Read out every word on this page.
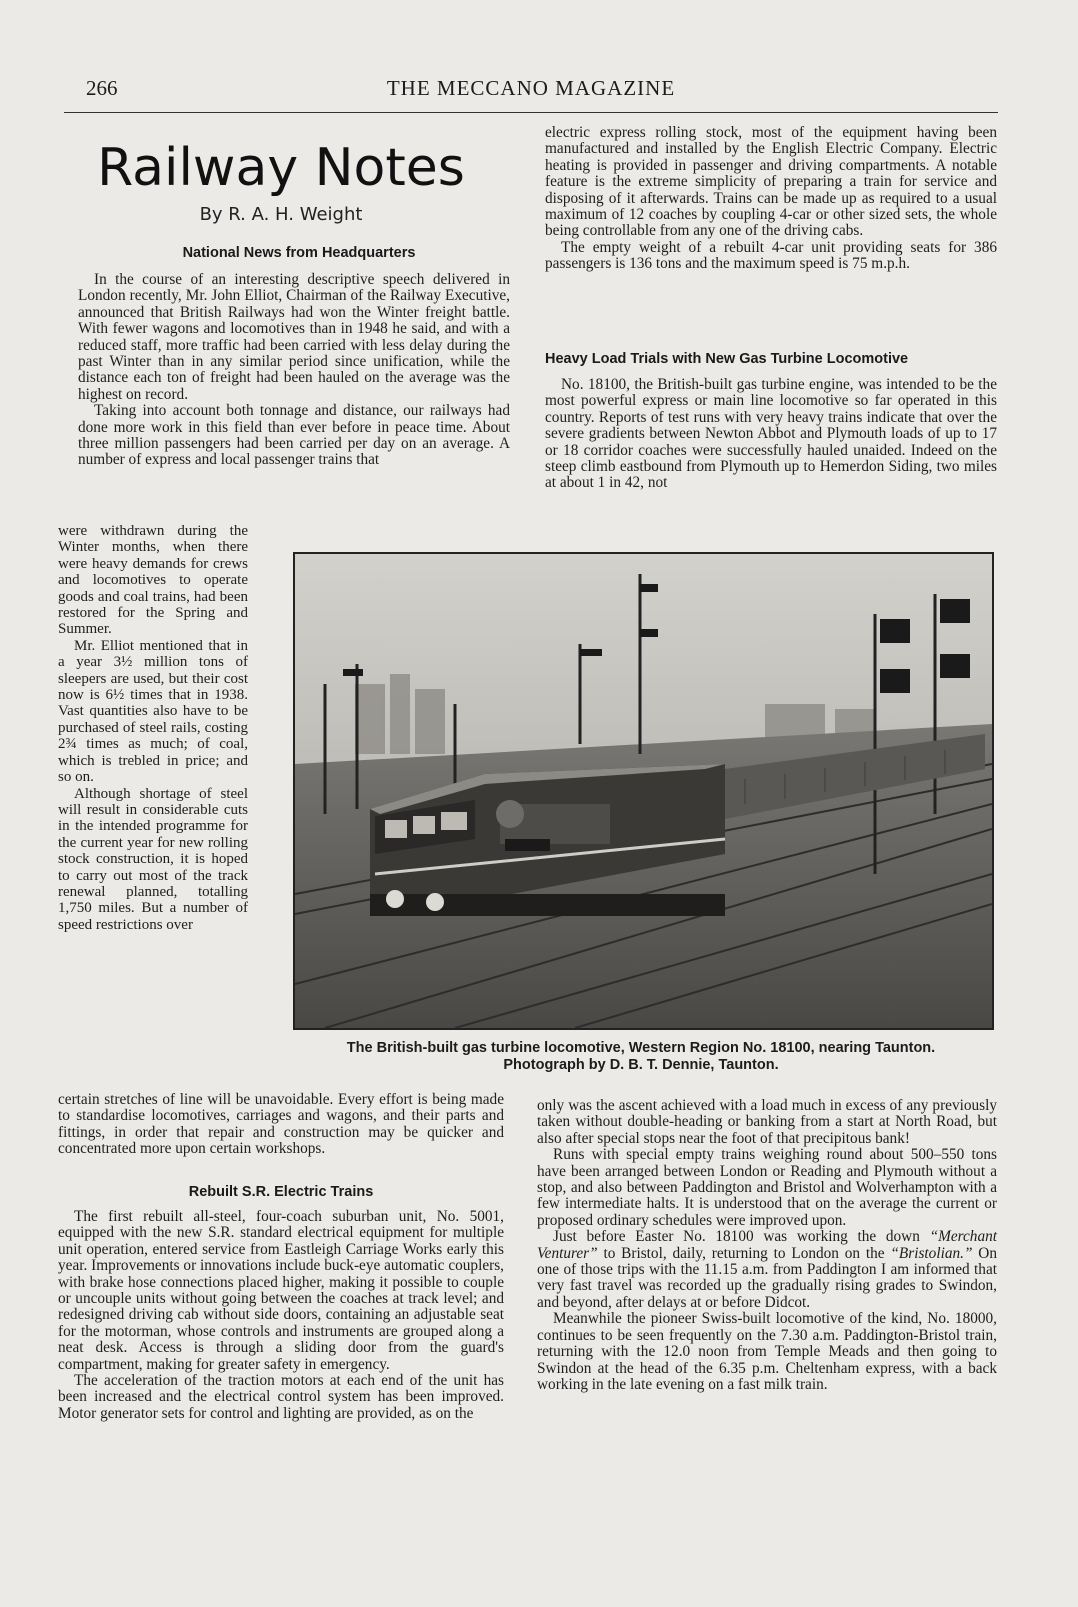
266	THE MECCANO MAGAZINE
Railway Notes
By R. A. H. Weight
National News from Headquarters

In the course of an interesting descriptive speech delivered in London recently, Mr. John Elliot, Chairman of the Railway Executive, announced that British Railways had won the Winter freight battle. With fewer wagons and locomotives than in 1948 he said, and with a reduced staff, more traffic had been carried with less delay during the past Winter than in any similar period since unification, while the distance each ton of freight had been hauled on the average was the highest on record.

Taking into account both tonnage and distance, our railways had done more work in this field than ever before in peace time. About three million passengers had been carried per day on an average. A number of express and local passenger trains that

were withdrawn during the Winter months, when there were heavy demands for crews and locomotives to operate goods and coal trains, had been restored for the Spring and Summer.

Mr. Elliot mentioned that in a year 3½ million tons of sleepers are used, but their cost now is 6½ times that in 1938. Vast quantities also have to be purchased of steel rails, costing 2¾ times as much; of coal, which is trebled in price; and so on.

Although shortage of steel will result in considerable cuts in the intended programme for the current year for new rolling stock construction, it is hoped to carry out most of the track renewal planned, totalling 1,750 miles. But a number of speed restrictions over

certain stretches of line will be unavoidable. Every effort is being made to standardise locomotives, carriages and wagons, and their parts and fittings, in order that repair and construction may be quicker and concentrated more upon certain workshops.

Rebuilt S.R. Electric Trains

The first rebuilt all-steel, four-coach suburban unit, No. 5001, equipped with the new S.R. standard electrical equipment for multiple unit operation, entered service from Eastleigh Carriage Works early this year. Improvements or innovations include buck-eye automatic couplers, with brake hose connections placed higher, making it possible to couple or uncouple units without going between the coaches at track level; and redesigned driving cab without side doors, containing an adjustable seat for the motorman, whose controls and instruments are grouped along a neat desk. Access is through a sliding door from the guard's compartment, making for greater safety in emergency.

The acceleration of the traction motors at each end of the unit has been increased and the electrical control system has been improved. Motor generator sets for control and lighting are provided, as on the

electric express rolling stock, most of the equipment having been manufactured and installed by the English Electric Company. Electric heating is provided in passenger and driving compartments. A notable feature is the extreme simplicity of preparing a train for service and disposing of it afterwards. Trains can be made up as required to a usual maximum of 12 coaches by coupling 4-car or other sized sets, the whole being controllable from any one of the driving cabs.

The empty weight of a rebuilt 4-car unit providing seats for 386 passengers is 136 tons and the maximum speed is 75 m.p.h.

Heavy Load Trials with New Gas Turbine Locomotive

No. 18100, the British-built gas turbine engine, was intended to be the most powerful express or main line locomotive so far operated in this country. Reports of test runs with very heavy trains indicate that over the severe gradients between Newton Abbot and Plymouth loads of up to 17 or 18 corridor coaches were successfully hauled unaided. Indeed on the steep climb eastbound from Plymouth up to Hemerdon Siding, two miles at about 1 in 42, not

The British-built gas turbine locomotive, Western Region No. 18100, nearing Taunton.
Photograph by D. B. T. Dennie, Taunton.

only was the ascent achieved with a load much in excess of any previously taken without double-heading or banking from a start at North Road, but also after special stops near the foot of that precipitous bank!

Runs with special empty trains weighing round about 500–550 tons have been arranged between London or Reading and Plymouth without a stop, and also between Paddington and Bristol and Wolverhampton with a few intermediate halts. It is understood that on the average the current or proposed ordinary schedules were improved upon.

Just before Easter No. 18100 was working the down “Merchant Venturer” to Bristol, daily, returning to London on the “Bristolian.” On one of those trips with the 11.15 a.m. from Paddington I am informed that very fast travel was recorded up the gradually rising grades to Swindon, and beyond, after delays at or before Didcot.

Meanwhile the pioneer Swiss-built locomotive of the kind, No. 18000, continues to be seen frequently on the 7.30 a.m. Paddington-Bristol train, returning with the 12.0 noon from Temple Meads and then going to Swindon at the head of the 6.35 p.m. Cheltenham express, with a back working in the late evening on a fast milk train.
